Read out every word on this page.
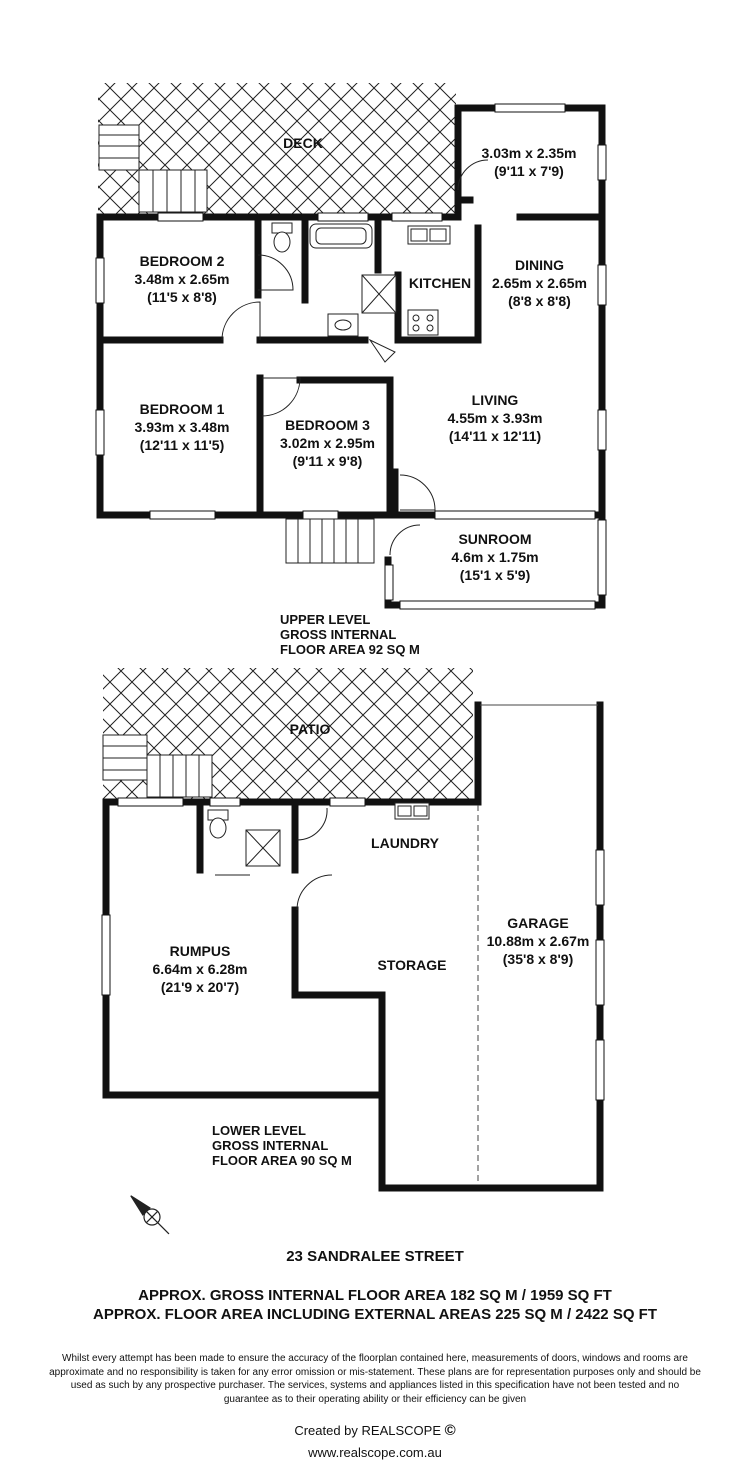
DECK
3.03m x 2.35m
(9'11 x 7'9)
BEDROOM 2
3.48m x 2.65m
(11'5 x 8'8)
KITCHEN
DINING
2.65m x 2.65m
(8'8 x 8'8)
BEDROOM 1
3.93m x 3.48m
(12'11 x 11'5)
BEDROOM 3
3.02m x 2.95m
(9'11 x 9'8)
LIVING
4.55m x 3.93m
(14'11 x 12'11)
SUNROOM
4.6m x 1.75m
(15'1 x 5'9)
UPPER LEVEL
GROSS INTERNAL
FLOOR AREA 92 SQ M
PATIO
LAUNDRY
GARAGE
10.88m x 2.67m
(35'8 x 8'9)
RUMPUS
6.64m x 6.28m
(21'9 x 20'7)
STORAGE
LOWER LEVEL
GROSS INTERNAL
FLOOR AREA 90 SQ M
23 SANDRALEE STREET
APPROX. GROSS INTERNAL FLOOR AREA 182 SQ M / 1959 SQ FT
APPROX. FLOOR AREA INCLUDING EXTERNAL AREAS 225 SQ M / 2422 SQ FT
Whilst every attempt has been made to ensure the accuracy of the floorplan contained here, measurements of doors, windows and rooms are
approximate and no responsibility is taken for any error omission or mis-statement. These plans are for representation purposes only and should be
used as such by any prospective purchaser. The services, systems and appliances listed in this specification have not been tested and no
guarantee as to their operating ability or their efficiency can be given
Created by REALSCOPE ©
www.realscope.com.au
